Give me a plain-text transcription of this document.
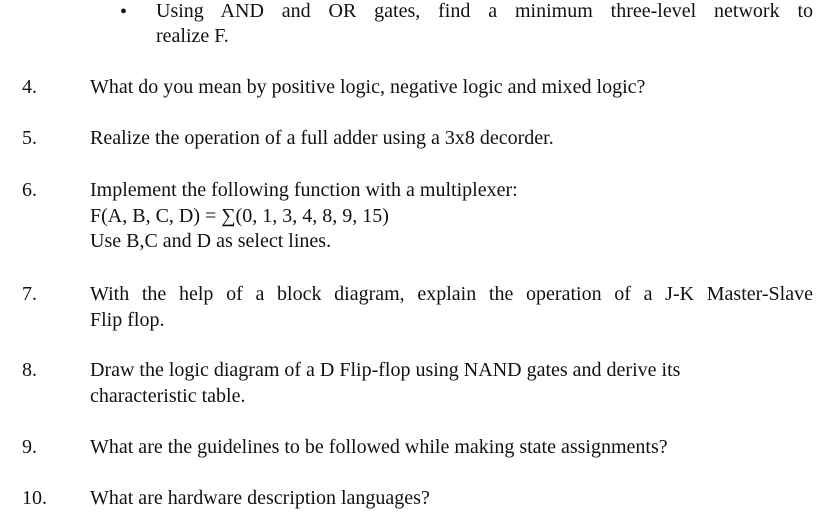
• Using AND and OR gates, find a minimum three-level network to
realize F.
4.	What do you mean by positive logic, negative logic and mixed logic?
5.	Realize the operation of a full adder using a 3x8 decorder.
6.	Implement the following function with a multiplexer:
F(A, B, C, D) = ∑(0, 1, 3, 4, 8, 9, 15)
Use B,C and D as select lines.
7.	With the help of a block diagram, explain the operation of a J-K Master-Slave
Flip flop.
8.	Draw the logic diagram of a D Flip-flop using NAND gates and derive its
characteristic table.
9.	What are the guidelines to be followed while making state assignments?
10. What are hardware description languages?
